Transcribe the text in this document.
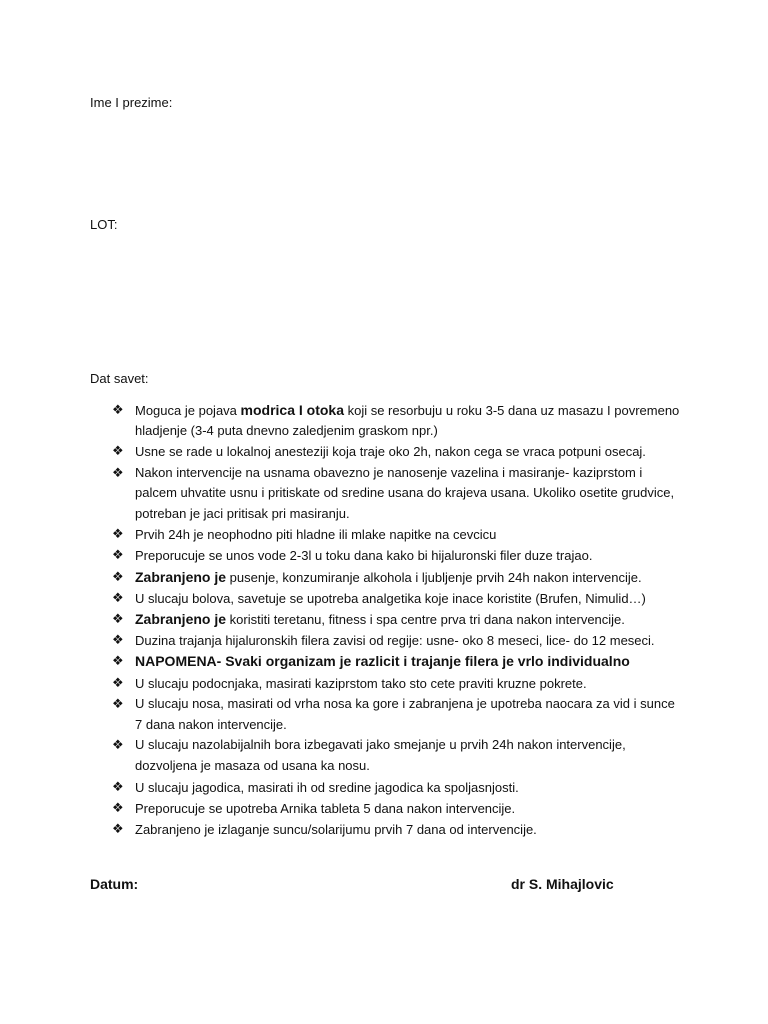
Ime I prezime:
LOT:
Dat savet:
❖ Moguca je pojava modrica I otoka koji se resorbuju u roku 3-5 dana uz masazu I povremeno hladjenje (3-4 puta dnevno zaledjenim graskom npr.)
❖ Usne se rade u lokalnoj anesteziji koja traje oko 2h, nakon cega se vraca potpuni osecaj.
❖ Nakon intervencije na usnama obavezno je nanosenje vazelina i masiranje- kaziprstom i palcem uhvatite usnu i pritiskate od sredine usana do krajeva usana. Ukoliko osetite grudvice, potreban je jaci pritisak pri masiranju.
❖ Prvih 24h je neophodno piti hladne ili mlake napitke na cevcicu
❖ Preporucuje se unos vode 2-3l u toku dana kako bi hijaluronski filer duze trajao.
❖ Zabranjeno je pusenje, konzumiranje alkohola i ljubljenje prvih 24h nakon intervencije.
❖ U slucaju bolova, savetuje se upotreba analgetika koje inace koristite (Brufen, Nimulid…)
❖ Zabranjeno je koristiti teretanu, fitness i spa centre prva tri dana nakon intervencije.
❖ Duzina trajanja hijaluronskih filera zavisi od regije: usne- oko 8 meseci, lice- do 12 meseci.
❖ NAPOMENA- Svaki organizam je razlicit i trajanje filera je vrlo individualno
❖ U slucaju podocnjaka, masirati kaziprstom tako sto cete praviti kruzne pokrete.
❖ U slucaju nosa, masirati od vrha nosa ka gore i zabranjena je upotreba naocara za vid i sunce 7 dana nakon intervencije.
❖ U slucaju nazolabijalnih bora izbegavati jako smejanje u prvih 24h nakon intervencije, dozvoljena je masaza od usana ka nosu.
❖ U slucaju jagodica, masirati ih od sredine jagodica ka spoljasnjosti.
❖ Preporucuje se upotreba Arnika tableta 5 dana nakon intervencije.
❖ Zabranjeno je izlaganje suncu/solarijumu prvih 7 dana od intervencije.
Datum:	dr S. Mihajlovic
